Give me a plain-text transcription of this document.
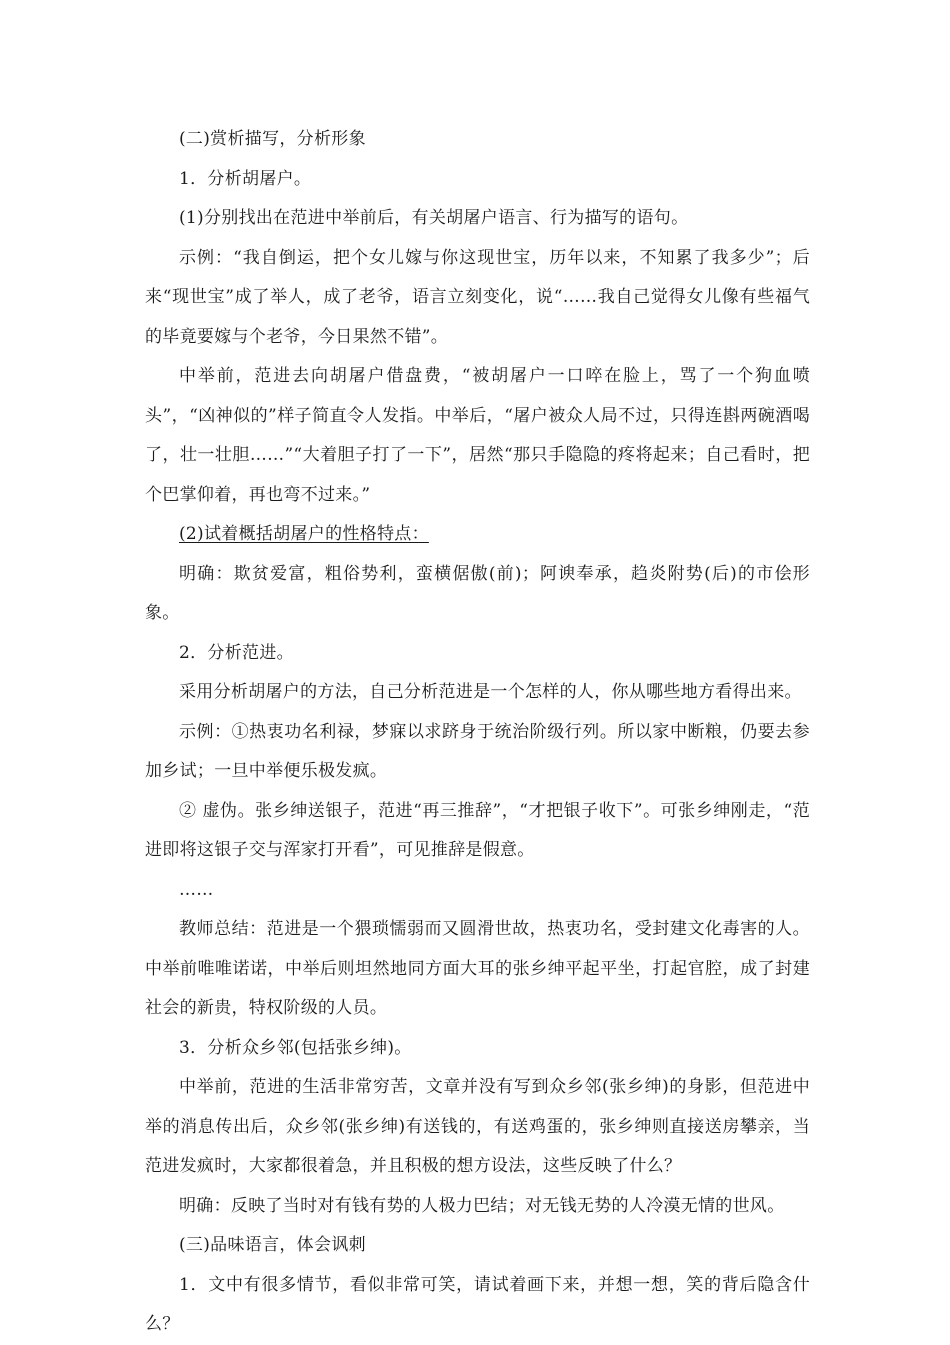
(二)赏析描写，分析形象

1．分析胡屠户。

(1)分别找出在范进中举前后，有关胡屠户语言、行为描写的语句。

示例：“我自倒运，把个女儿嫁与你这现世宝，历年以来，不知累了我多少”；后来“现世宝”成了举人，成了老爷，语言立刻变化，说“……我自己觉得女儿像有些福气的毕竟要嫁与个老爷，今日果然不错”。

中举前，范进去向胡屠户借盘费，“被胡屠户一口啐在脸上，骂了一个狗血喷头”，“凶神似的”样子简直令人发指。中举后，“屠户被众人局不过，只得连斟两碗酒喝了，壮一壮胆……”“大着胆子打了一下”，居然“那只手隐隐的疼将起来；自己看时，把个巴掌仰着，再也弯不过来。”

(2)试着概括胡屠户的性格特点：

明确：欺贫爱富，粗俗势利，蛮横倨傲(前)；阿谀奉承，趋炎附势(后)的市侩形象。

2．分析范进。

采用分析胡屠户的方法，自己分析范进是一个怎样的人，你从哪些地方看得出来。

示例：①热衷功名利禄，梦寐以求跻身于统治阶级行列。所以家中断粮，仍要去参加乡试；一旦中举便乐极发疯。

② 虚伪。张乡绅送银子，范进“再三推辞”，“才把银子收下”。可张乡绅刚走，“范进即将这银子交与浑家打开看”，可见推辞是假意。

……

教师总结：范进是一个猥琐懦弱而又圆滑世故，热衷功名，受封建文化毒害的人。中举前唯唯诺诺，中举后则坦然地同方面大耳的张乡绅平起平坐，打起官腔，成了封建社会的新贵，特权阶级的人员。

3．分析众乡邻(包括张乡绅)。

中举前，范进的生活非常穷苦，文章并没有写到众乡邻(张乡绅)的身影，但范进中举的消息传出后，众乡邻(张乡绅)有送钱的，有送鸡蛋的，张乡绅则直接送房攀亲，当范进发疯时，大家都很着急，并且积极的想方设法，这些反映了什么？

明确：反映了当时对有钱有势的人极力巴结；对无钱无势的人冷漠无情的世风。

(三)品味语言，体会讽刺

1．文中有很多情节，看似非常可笑，请试着画下来，并想一想，笑的背后隐含什么？
